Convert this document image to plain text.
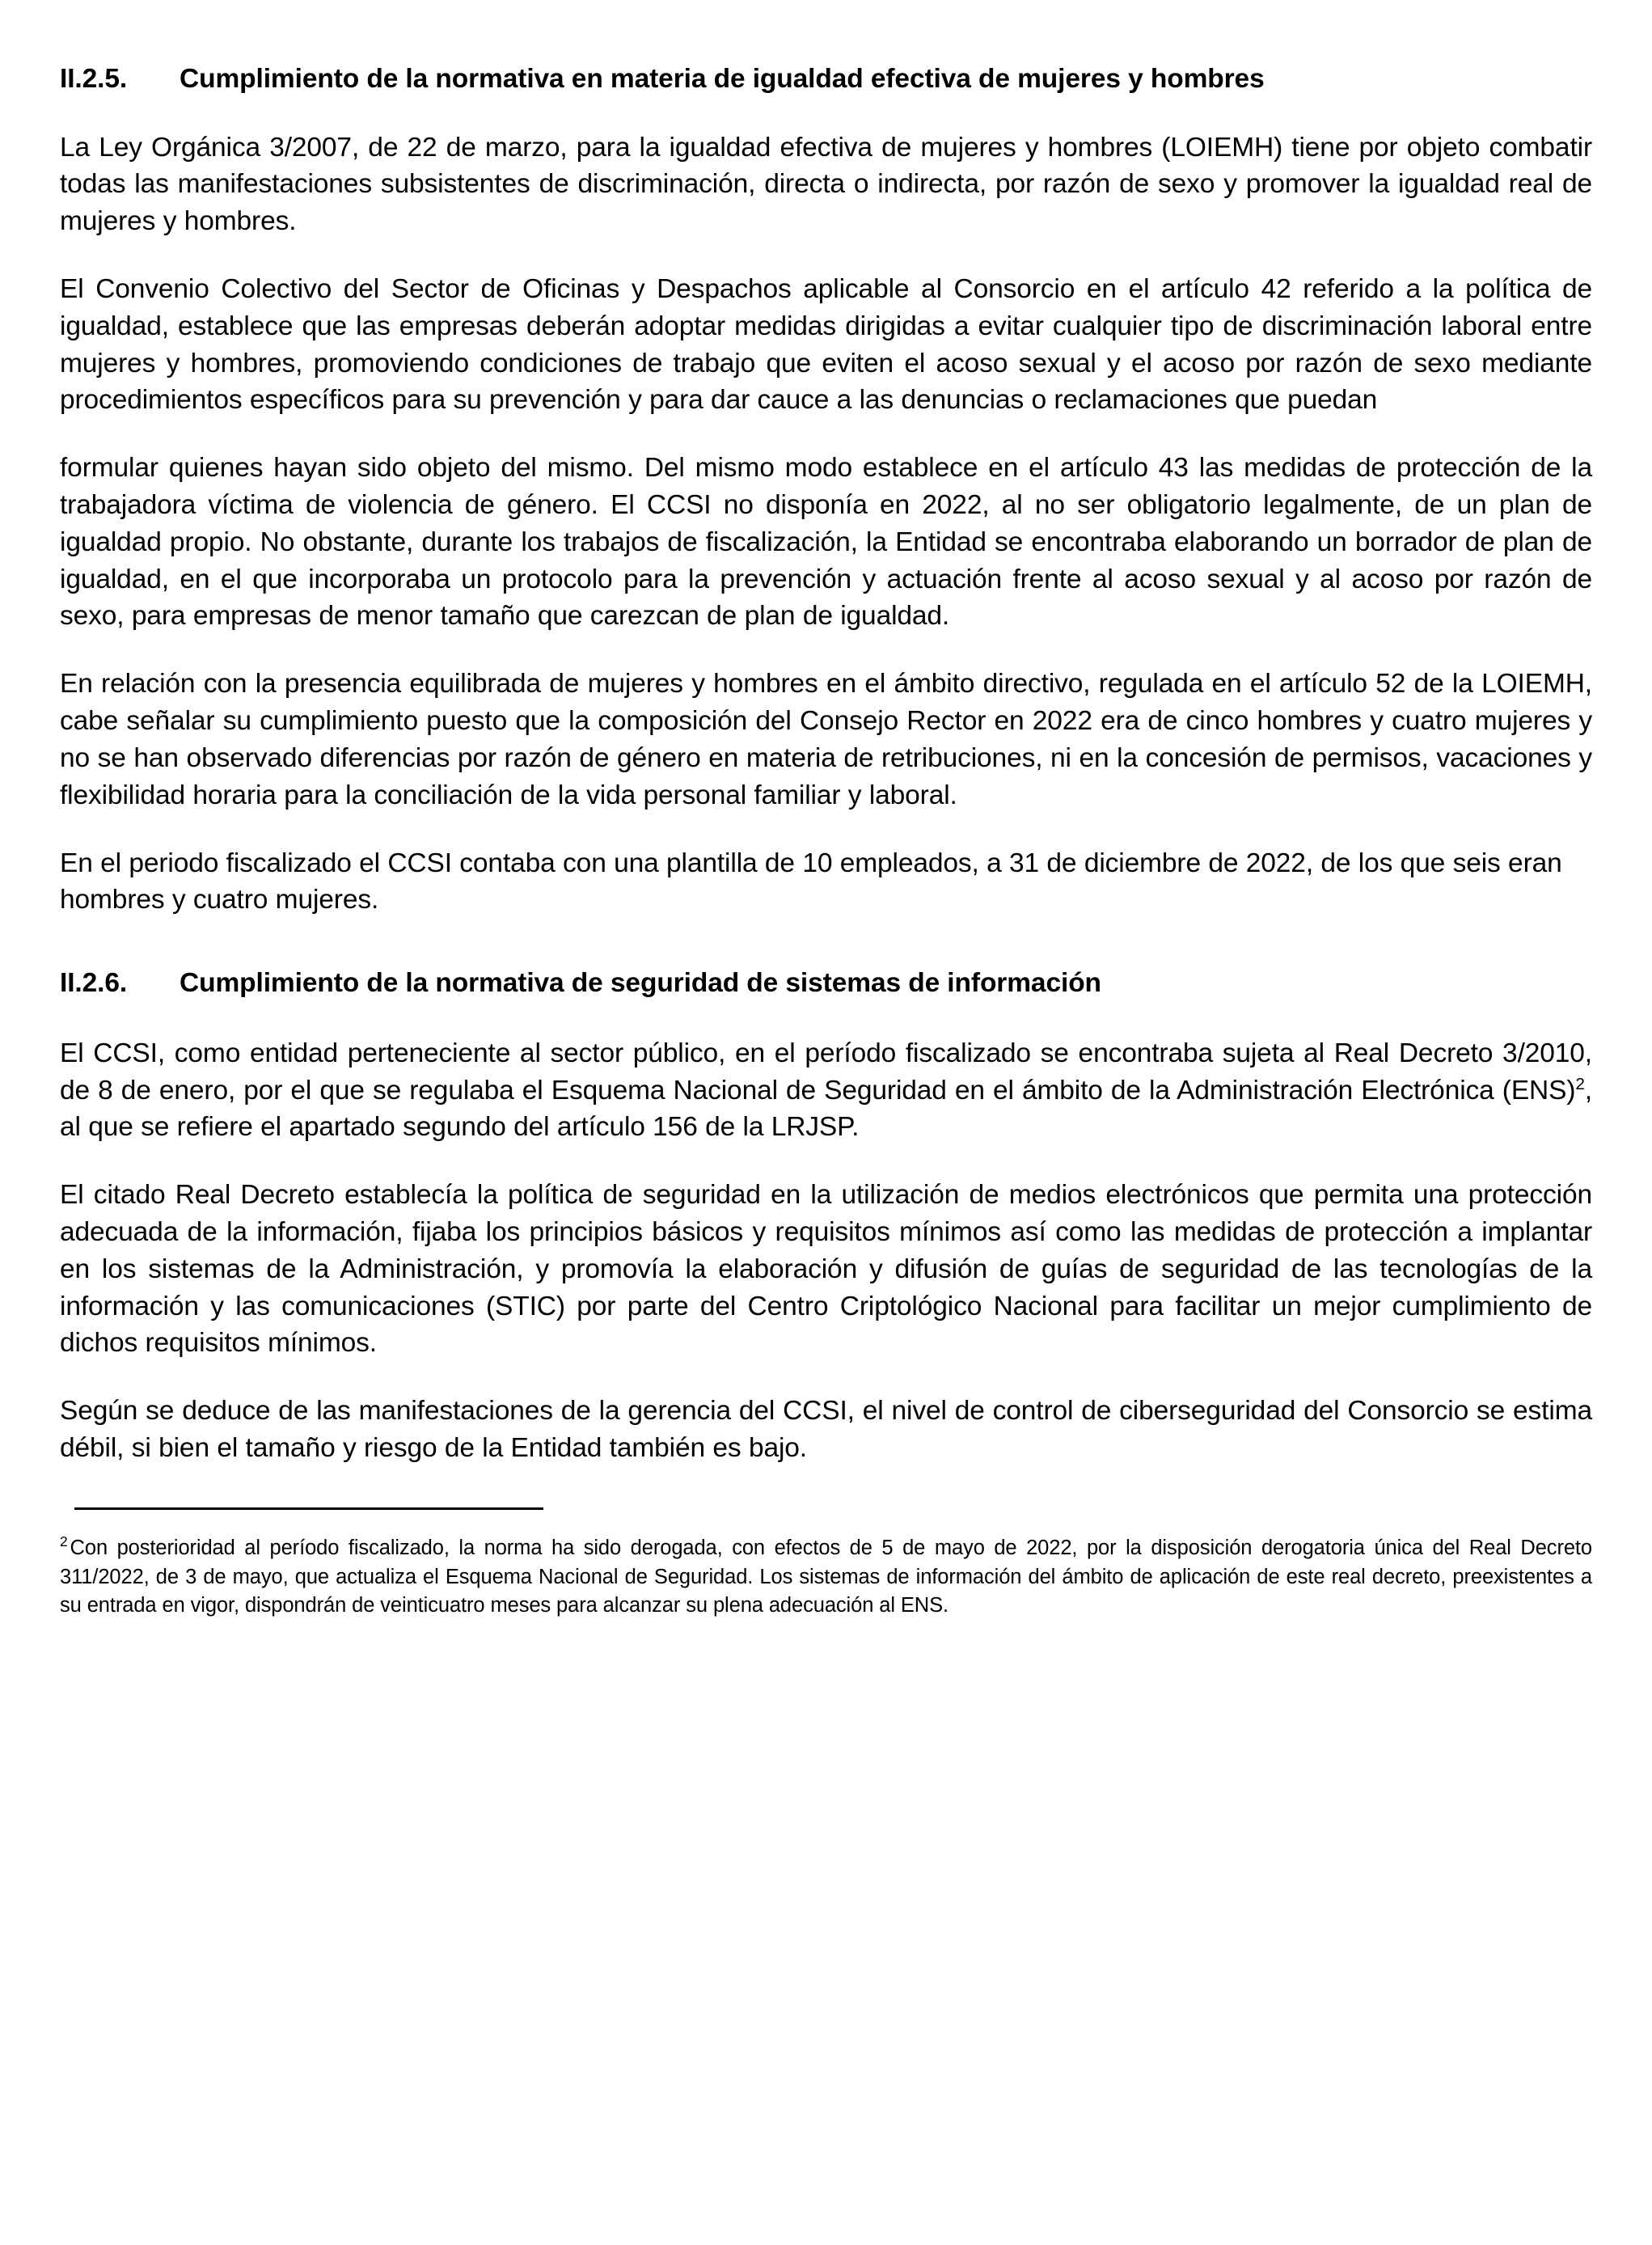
II.2.5.	Cumplimiento de la normativa en materia de igualdad efectiva de mujeres y hombres

La Ley Orgánica 3/2007, de 22 de marzo, para la igualdad efectiva de mujeres y hombres (LOIEMH) tiene por objeto combatir todas las manifestaciones subsistentes de discriminación, directa o indirecta, por razón de sexo y promover la igualdad real de mujeres y hombres.

El Convenio Colectivo del Sector de Oficinas y Despachos aplicable al Consorcio en el artículo 42 referido a la política de igualdad, establece que las empresas deberán adoptar medidas dirigidas a evitar cualquier tipo de discriminación laboral entre mujeres y hombres, promoviendo condiciones de trabajo que eviten el acoso sexual y el acoso por razón de sexo mediante procedimientos específicos para su prevención y para dar cauce a las denuncias o reclamaciones que puedan

formular quienes hayan sido objeto del mismo. Del mismo modo establece en el artículo 43 las medidas de protección de la trabajadora víctima de violencia de género. El CCSI no disponía en 2022, al no ser obligatorio legalmente, de un plan de igualdad propio. No obstante, durante los trabajos de fiscalización, la Entidad se encontraba elaborando un borrador de plan de igualdad, en el que incorporaba un protocolo para la prevención y actuación frente al acoso sexual y al acoso por razón de sexo, para empresas de menor tamaño que carezcan de plan de igualdad.

En relación con la presencia equilibrada de mujeres y hombres en el ámbito directivo, regulada en el artículo 52 de la LOIEMH, cabe señalar su cumplimiento puesto que la composición del Consejo Rector en 2022 era de cinco hombres y cuatro mujeres y no se han observado diferencias por razón de género en materia de retribuciones, ni en la concesión de permisos, vacaciones y flexibilidad horaria para la conciliación de la vida personal familiar y laboral.

En el periodo fiscalizado el CCSI contaba con una plantilla de 10 empleados, a 31 de diciembre de 2022, de los que seis eran hombres y cuatro mujeres.

II.2.6.	Cumplimiento de la normativa de seguridad de sistemas de información

El CCSI, como entidad perteneciente al sector público, en el período fiscalizado se encontraba sujeta al Real Decreto 3/2010, de 8 de enero, por el que se regulaba el Esquema Nacional de Seguridad en el ámbito de la Administración Electrónica (ENS)$^2$, al que se refiere el apartado segundo del artículo 156 de la LRJSP.

El citado Real Decreto establecía la política de seguridad en la utilización de medios electrónicos que permita una protección adecuada de la información, fijaba los principios básicos y requisitos mínimos así como las medidas de protección a implantar en los sistemas de la Administración, y promovía la elaboración y difusión de guías de seguridad de las tecnologías de la información y las comunicaciones (STIC) por parte del Centro Criptológico Nacional para facilitar un mejor cumplimiento de dichos requisitos mínimos.

Según se deduce de las manifestaciones de la gerencia del CCSI, el nivel de control de ciberseguridad del Consorcio se estima débil, si bien el tamaño y riesgo de la Entidad también es bajo.

$^2$ Con posterioridad al período fiscalizado, la norma ha sido derogada, con efectos de 5 de mayo de 2022, por la disposición derogatoria única del Real Decreto 311/2022, de 3 de mayo, que actualiza el Esquema Nacional de Seguridad. Los sistemas de información del ámbito de aplicación de este real decreto, preexistentes a su entrada en vigor, dispondrán de veinticuatro meses para alcanzar su plena adecuación al ENS.
